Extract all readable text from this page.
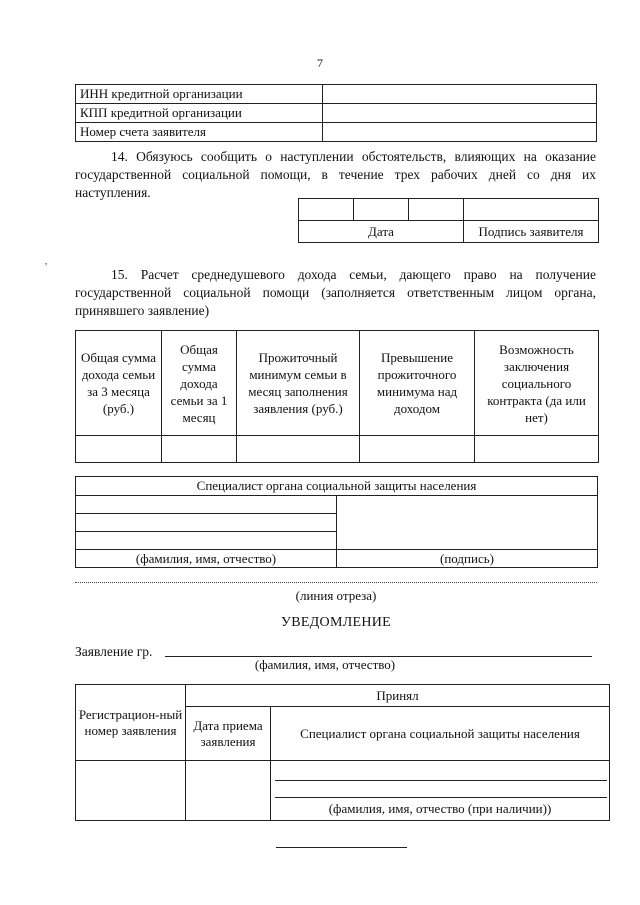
7
ИНН кредитной организации	
КПП кредитной организации	
Номер счета заявителя	
14. Обязуюсь сообщить о наступлении обстоятельств, влияющих на оказание государственной социальной помощи, в течение трех рабочих дней со дня их наступления.

Дата			Подпись заявителя
,
15. Расчет среднедушевого дохода семьи, дающего право на получение государственной социальной помощи (заполняется ответственным лицом органа, принявшего заявление)
Общая сумма дохода семьи за 3 месяца (руб.)	Общая сумма дохода семьи за 1 месяц	Прожиточный минимум семьи в месяц заполнения заявления (руб.)	Превышение прожиточного минимума над доходом	Возможность заключения социального контракта (да или нет)

Специалист органа социальной защиты населения	

(фамилия, имя, отчество)	(подпись)
(линия отреза)
УВЕДОМЛЕНИЕ
Заявление гр.
(фамилия, имя, отчество)
Регистрацион-ный номер заявления	Принял	
	Дата приема заявления	Специалист органа социальной защиты населения

		(фамилия, имя, отчество (при наличии))
